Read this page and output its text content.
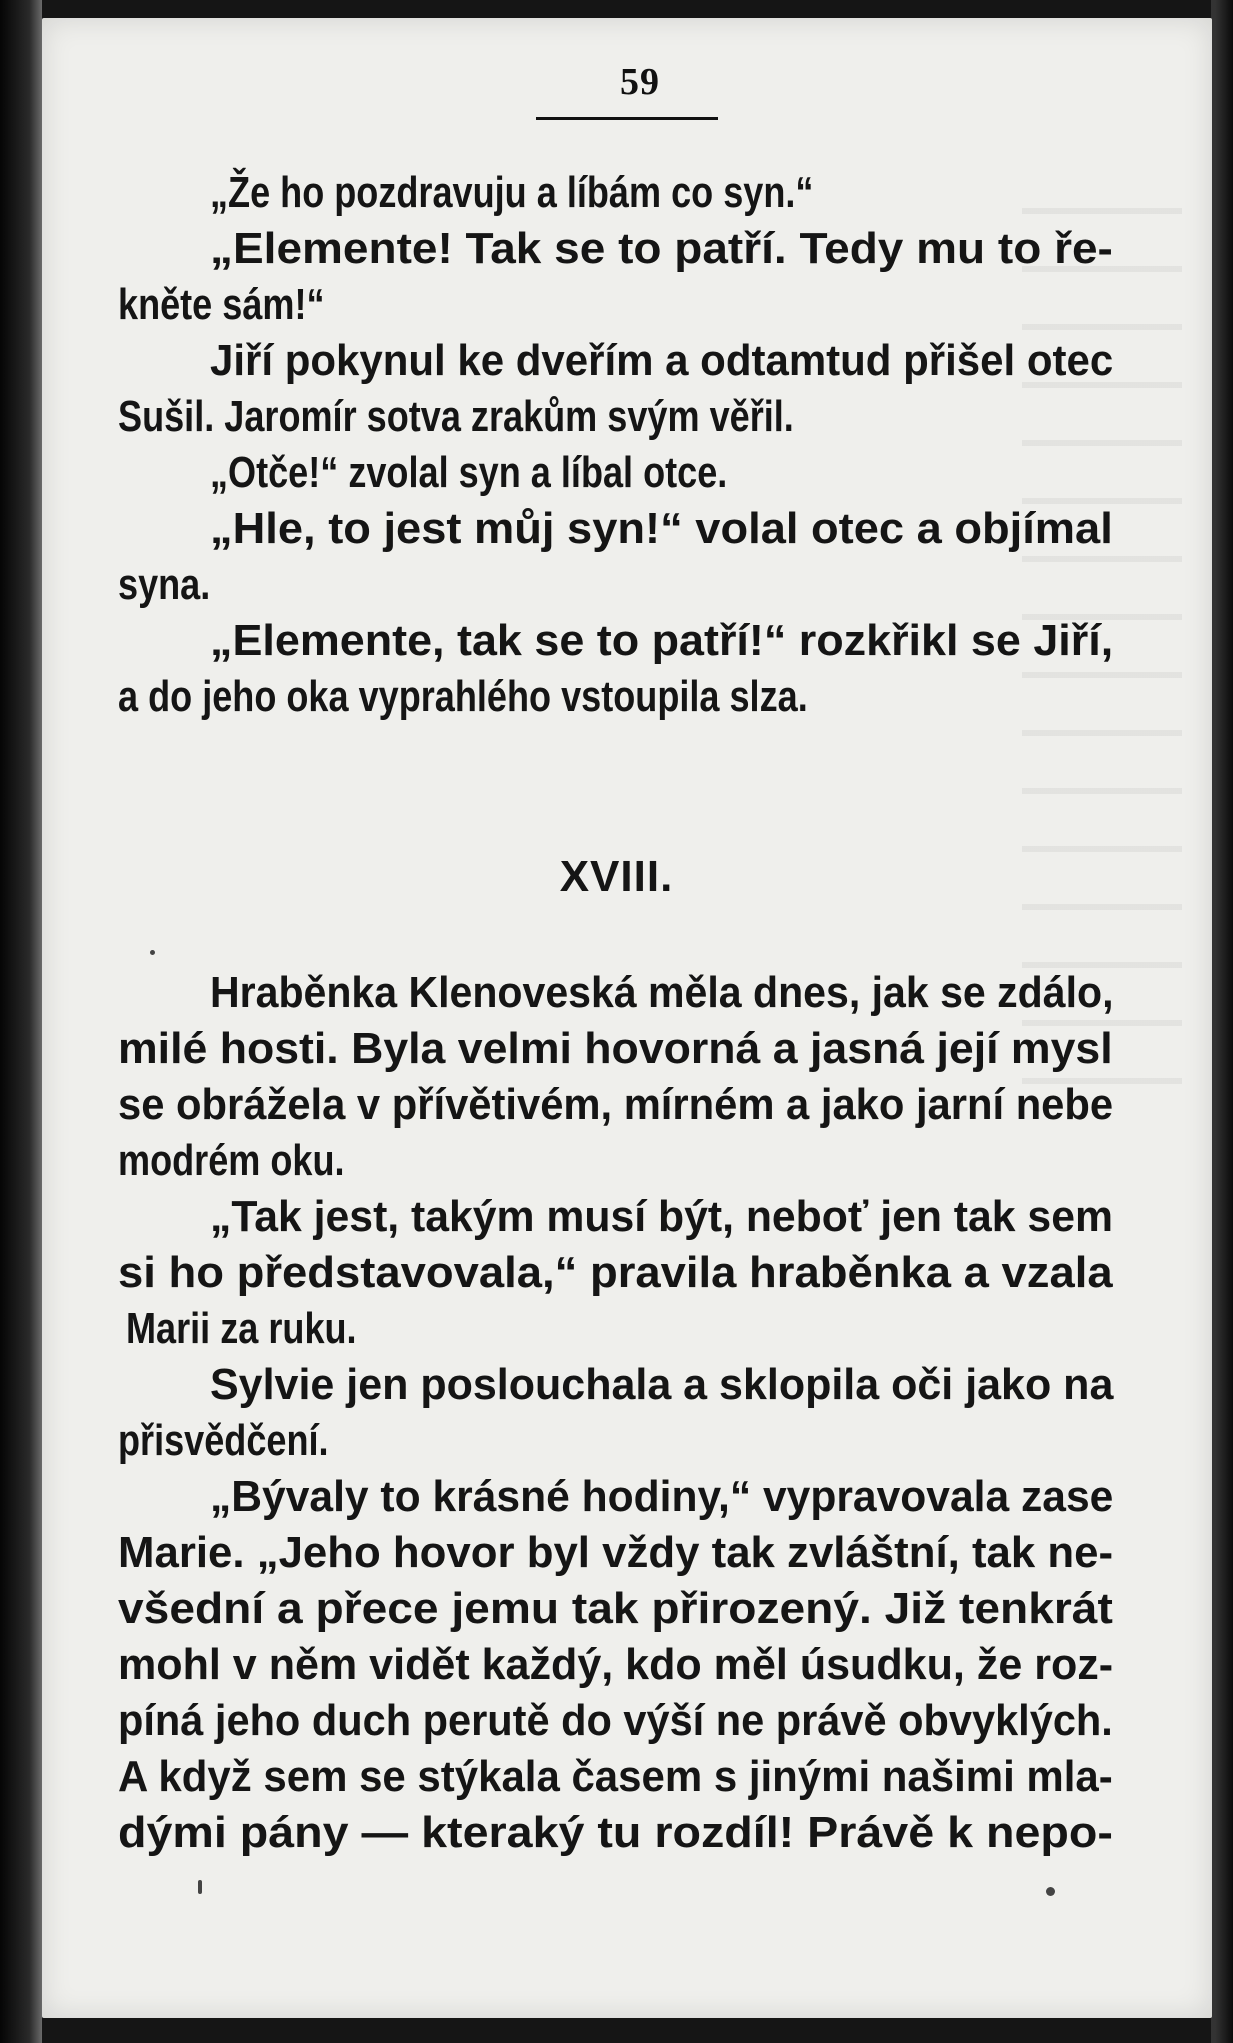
59
„Že ho pozdravuju a líbám co syn.“
„Elemente! Tak se to patří. Tedy mu to ře-
kněte sám!“
Jiří pokynul ke dveřím a odtamtud přišel otec
Sušil. Jaromír sotva zrakům svým věřil.
„Otče!“ zvolal syn a líbal otce.
„Hle, to jest můj syn!“ volal otec a objímal
syna.
„Elemente, tak se to patří!“ rozkřikl se Jiří,
a do jeho oka vyprahlého vstoupila slza.
Hraběnka Klenoveská měla dnes, jak se zdálo,
milé hosti. Byla velmi hovorná a jasná její mysl
se obrážela v přívětivém, mírném a jako jarní nebe
modrém oku.
„Tak jest, takým musí být, neboť jen tak sem
si ho představovala,“ pravila hraběnka a vzala
Marii za ruku.
Sylvie jen poslouchala a sklopila oči jako na
přisvědčení.
„Bývaly to krásné hodiny,“ vypravovala zase
Marie. „Jeho hovor byl vždy tak zvláštní, tak ne-
všední a přece jemu tak přirozený. Již tenkrát
mohl v něm vidět každý, kdo měl úsudku, že roz-
píná jeho duch perutě do výší ne právě obvyklých.
A když sem se stýkala časem s jinými našimi mla-
dými pány — kteraký tu rozdíl! Právě k nepo-
XVIII.
